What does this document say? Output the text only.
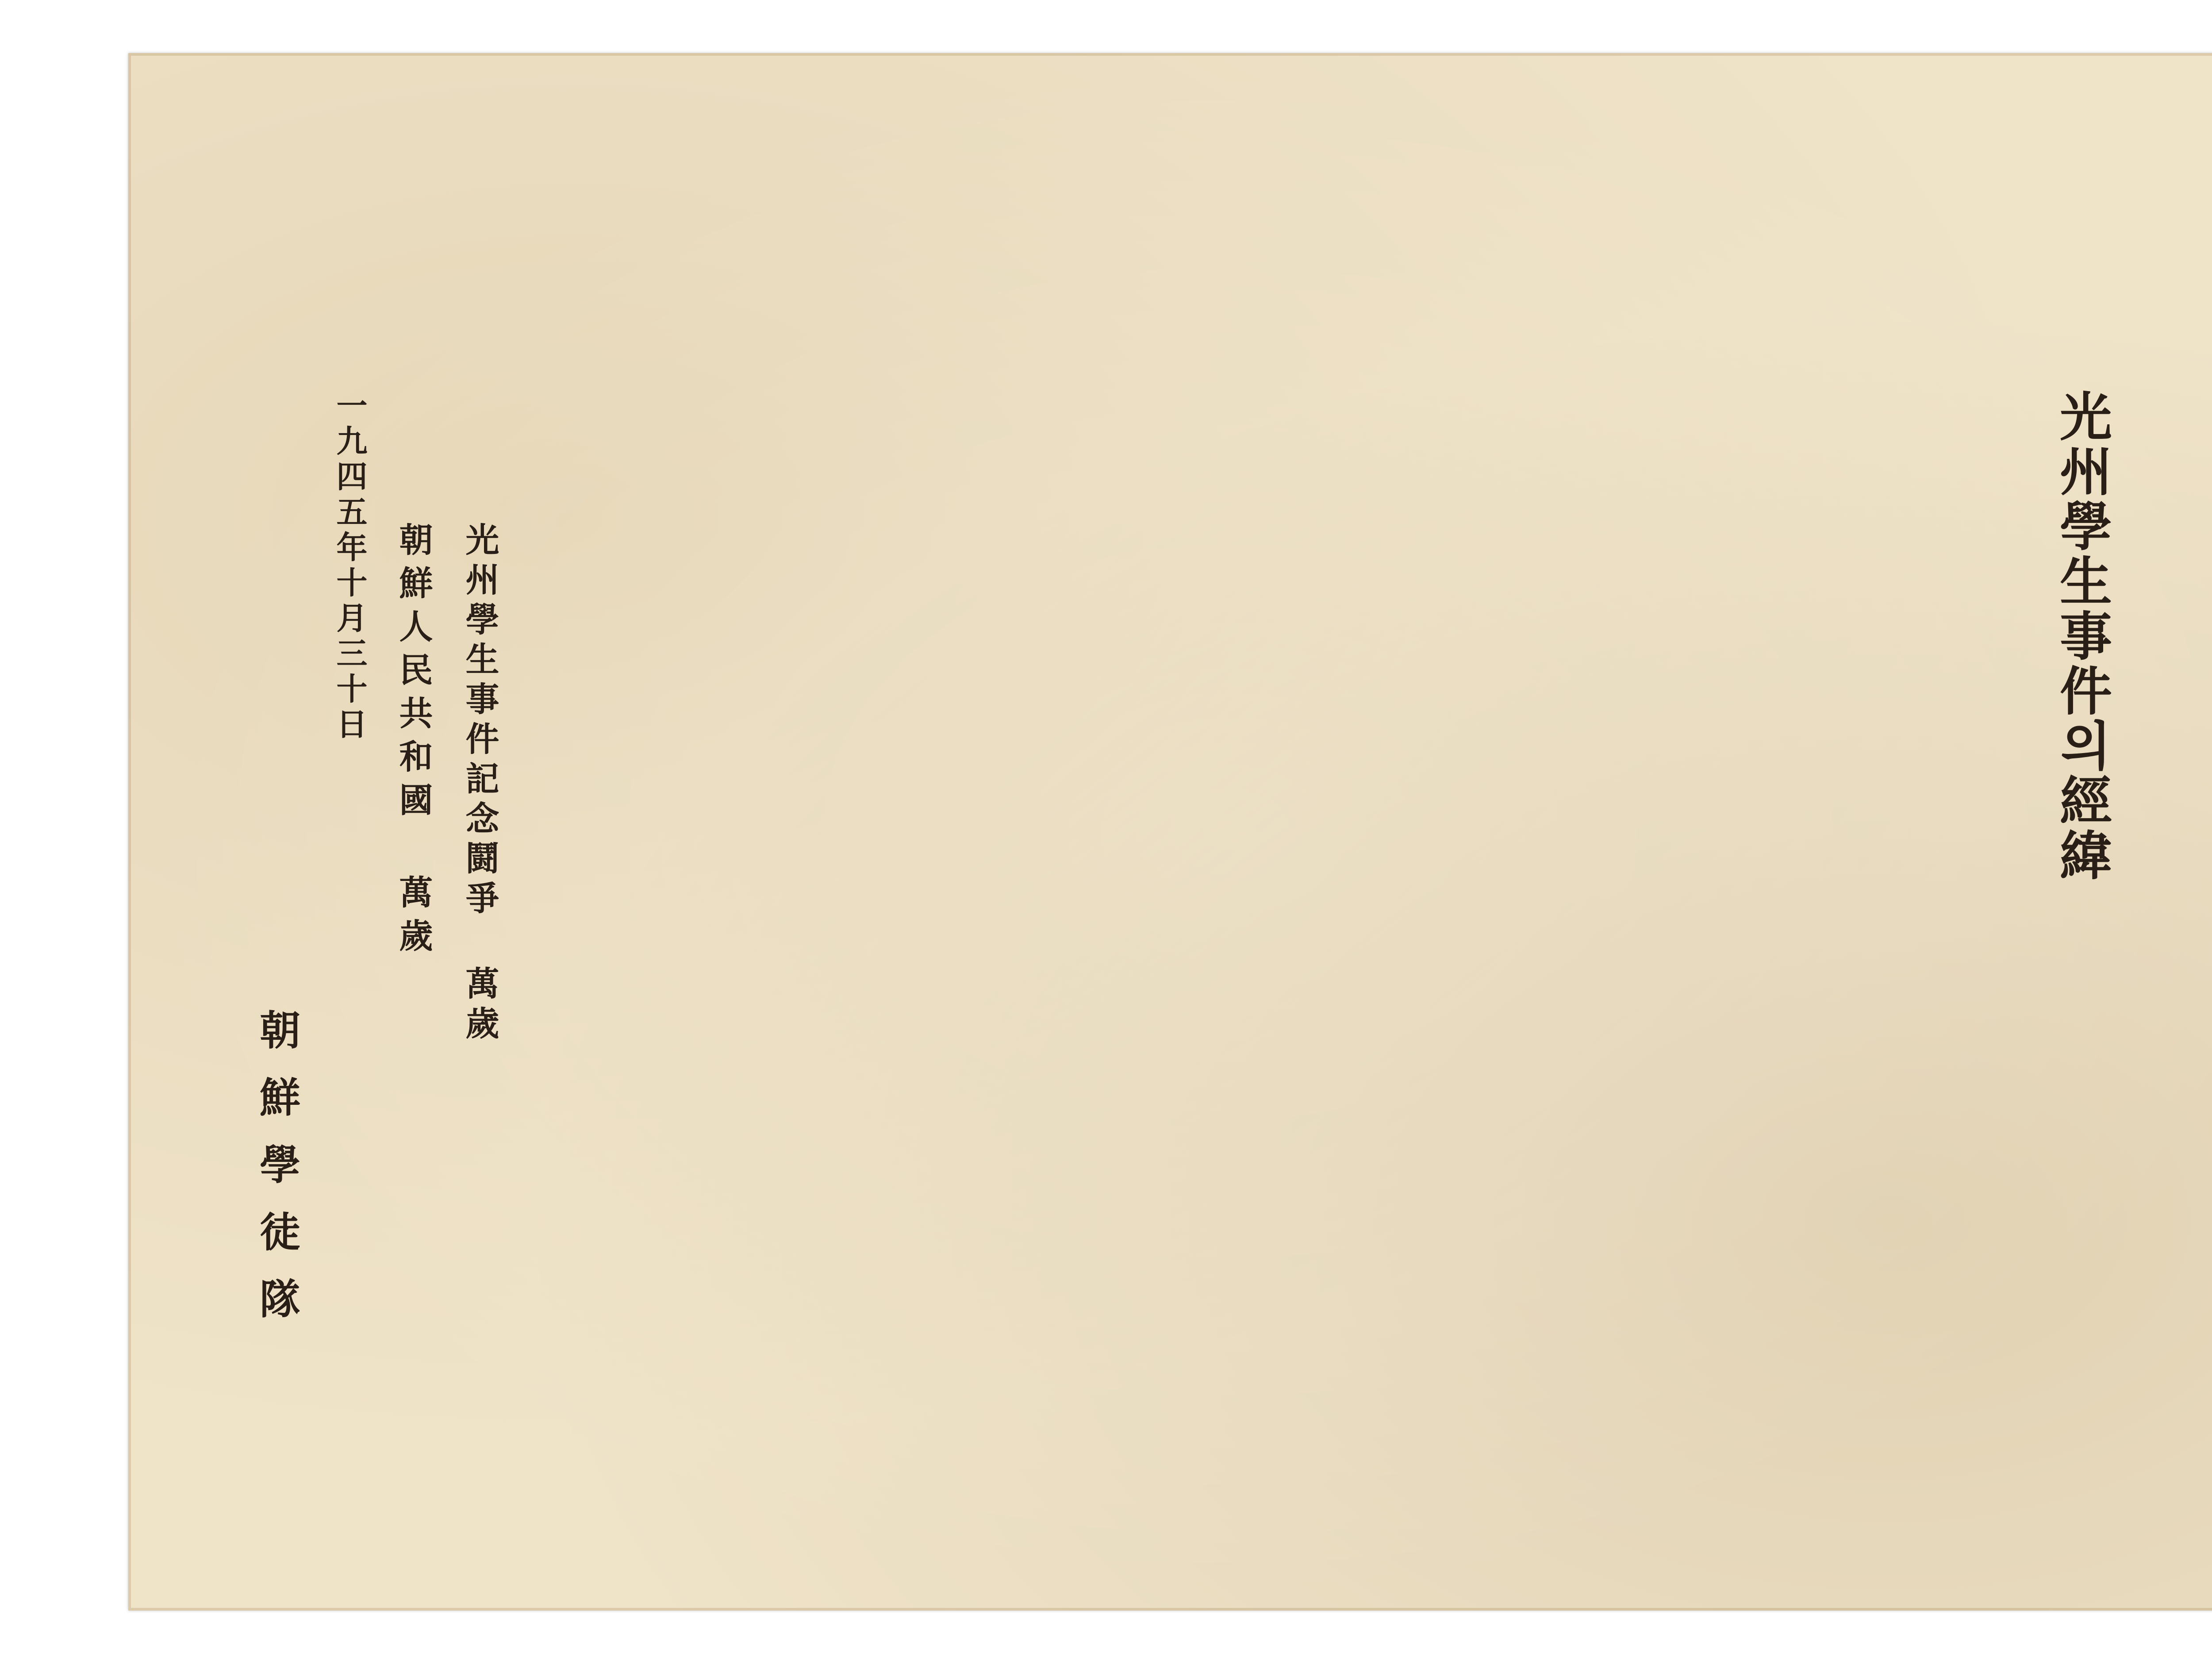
光州學生事件의經緯
光州學生事件記念鬪爭 萬歲
朝鮮人民共和國 萬歲
一九四五年十月三十日
朝鮮學徒隊
